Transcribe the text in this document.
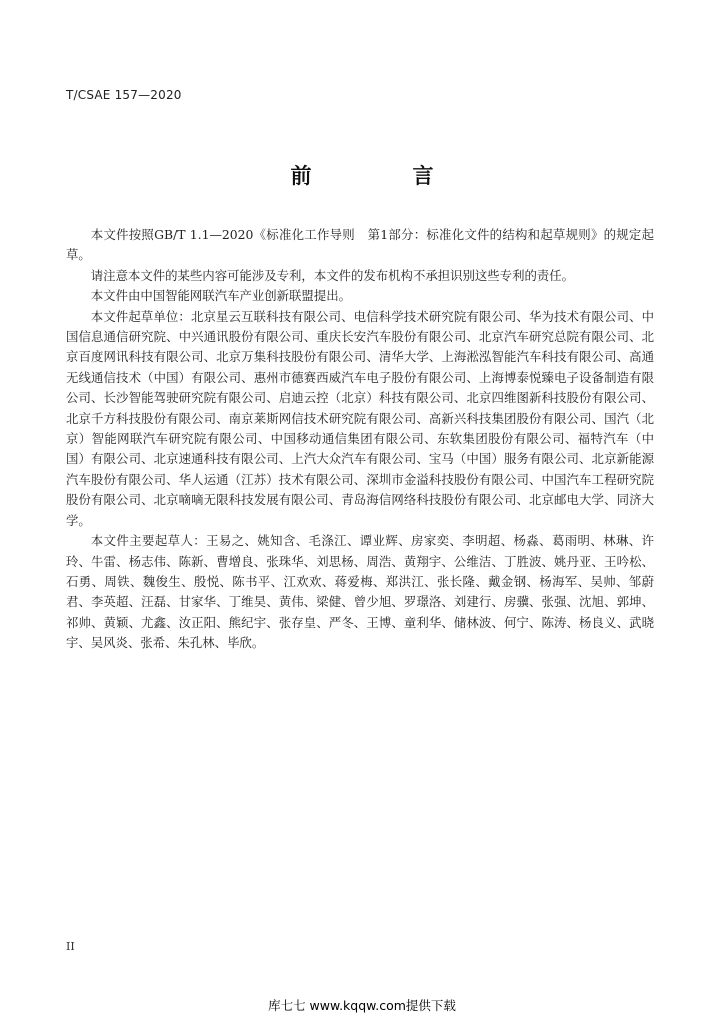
T/CSAE 157—2020
前　言

本文件按照GB/T 1.1—2020《标准化工作导则　第1部分：标准化文件的结构和起草规则》的规定起草。

请注意本文件的某些内容可能涉及专利，本文件的发布机构不承担识别这些专利的责任。

本文件由中国智能网联汽车产业创新联盟提出。

本文件起草单位：北京星云互联科技有限公司、电信科学技术研究院有限公司、华为技术有限公司、中国信息通信研究院、中兴通讯股份有限公司、重庆长安汽车股份有限公司、北京汽车研究总院有限公司、北京百度网讯科技有限公司、北京万集科技股份有限公司、清华大学、上海淞泓智能汽车科技有限公司、高通无线通信技术（中国）有限公司、惠州市德赛西威汽车电子股份有限公司、上海博泰悦臻电子设备制造有限公司、长沙智能驾驶研究院有限公司、启迪云控（北京）科技有限公司、北京四维图新科技股份有限公司、北京千方科技股份有限公司、南京莱斯网信技术研究院有限公司、高新兴科技集团股份有限公司、国汽（北京）智能网联汽车研究院有限公司、中国移动通信集团有限公司、东软集团股份有限公司、福特汽车（中国）有限公司、北京速通科技有限公司、上汽大众汽车有限公司、宝马（中国）服务有限公司、北京新能源汽车股份有限公司、华人运通（江苏）技术有限公司、深圳市金溢科技股份有限公司、中国汽车工程研究院股份有限公司、北京嘀嘀无限科技发展有限公司、青岛海信网络科技股份有限公司、北京邮电大学、同济大学。

本文件主要起草人：王易之、姚知含、毛涤江、谭业辉、房家奕、李明超、杨淼、葛雨明、林琳、许玲、牛雷、杨志伟、陈新、曹增良、张珠华、刘思杨、周浩、黄翔宇、公维洁、丁胜波、姚丹亚、王吟松、石勇、周铁、魏俊生、殷悦、陈书平、江欢欢、蒋爱梅、郑洪江、张长隆、戴金钢、杨海军、吴帅、邹蔚君、李英超、汪磊、甘家华、丁维昊、黄伟、梁健、曾少旭、罗璟洛、刘建行、房骥、张强、沈旭、郭坤、祁帅、黄颖、尤鑫、汝正阳、熊纪宇、张存皇、严冬、王博、童利华、储林波、何宁、陈涛、杨良义、武晓宇、吴风炎、张希、朱孔林、毕欣。

II
库七七 www.kqqw.com提供下载
